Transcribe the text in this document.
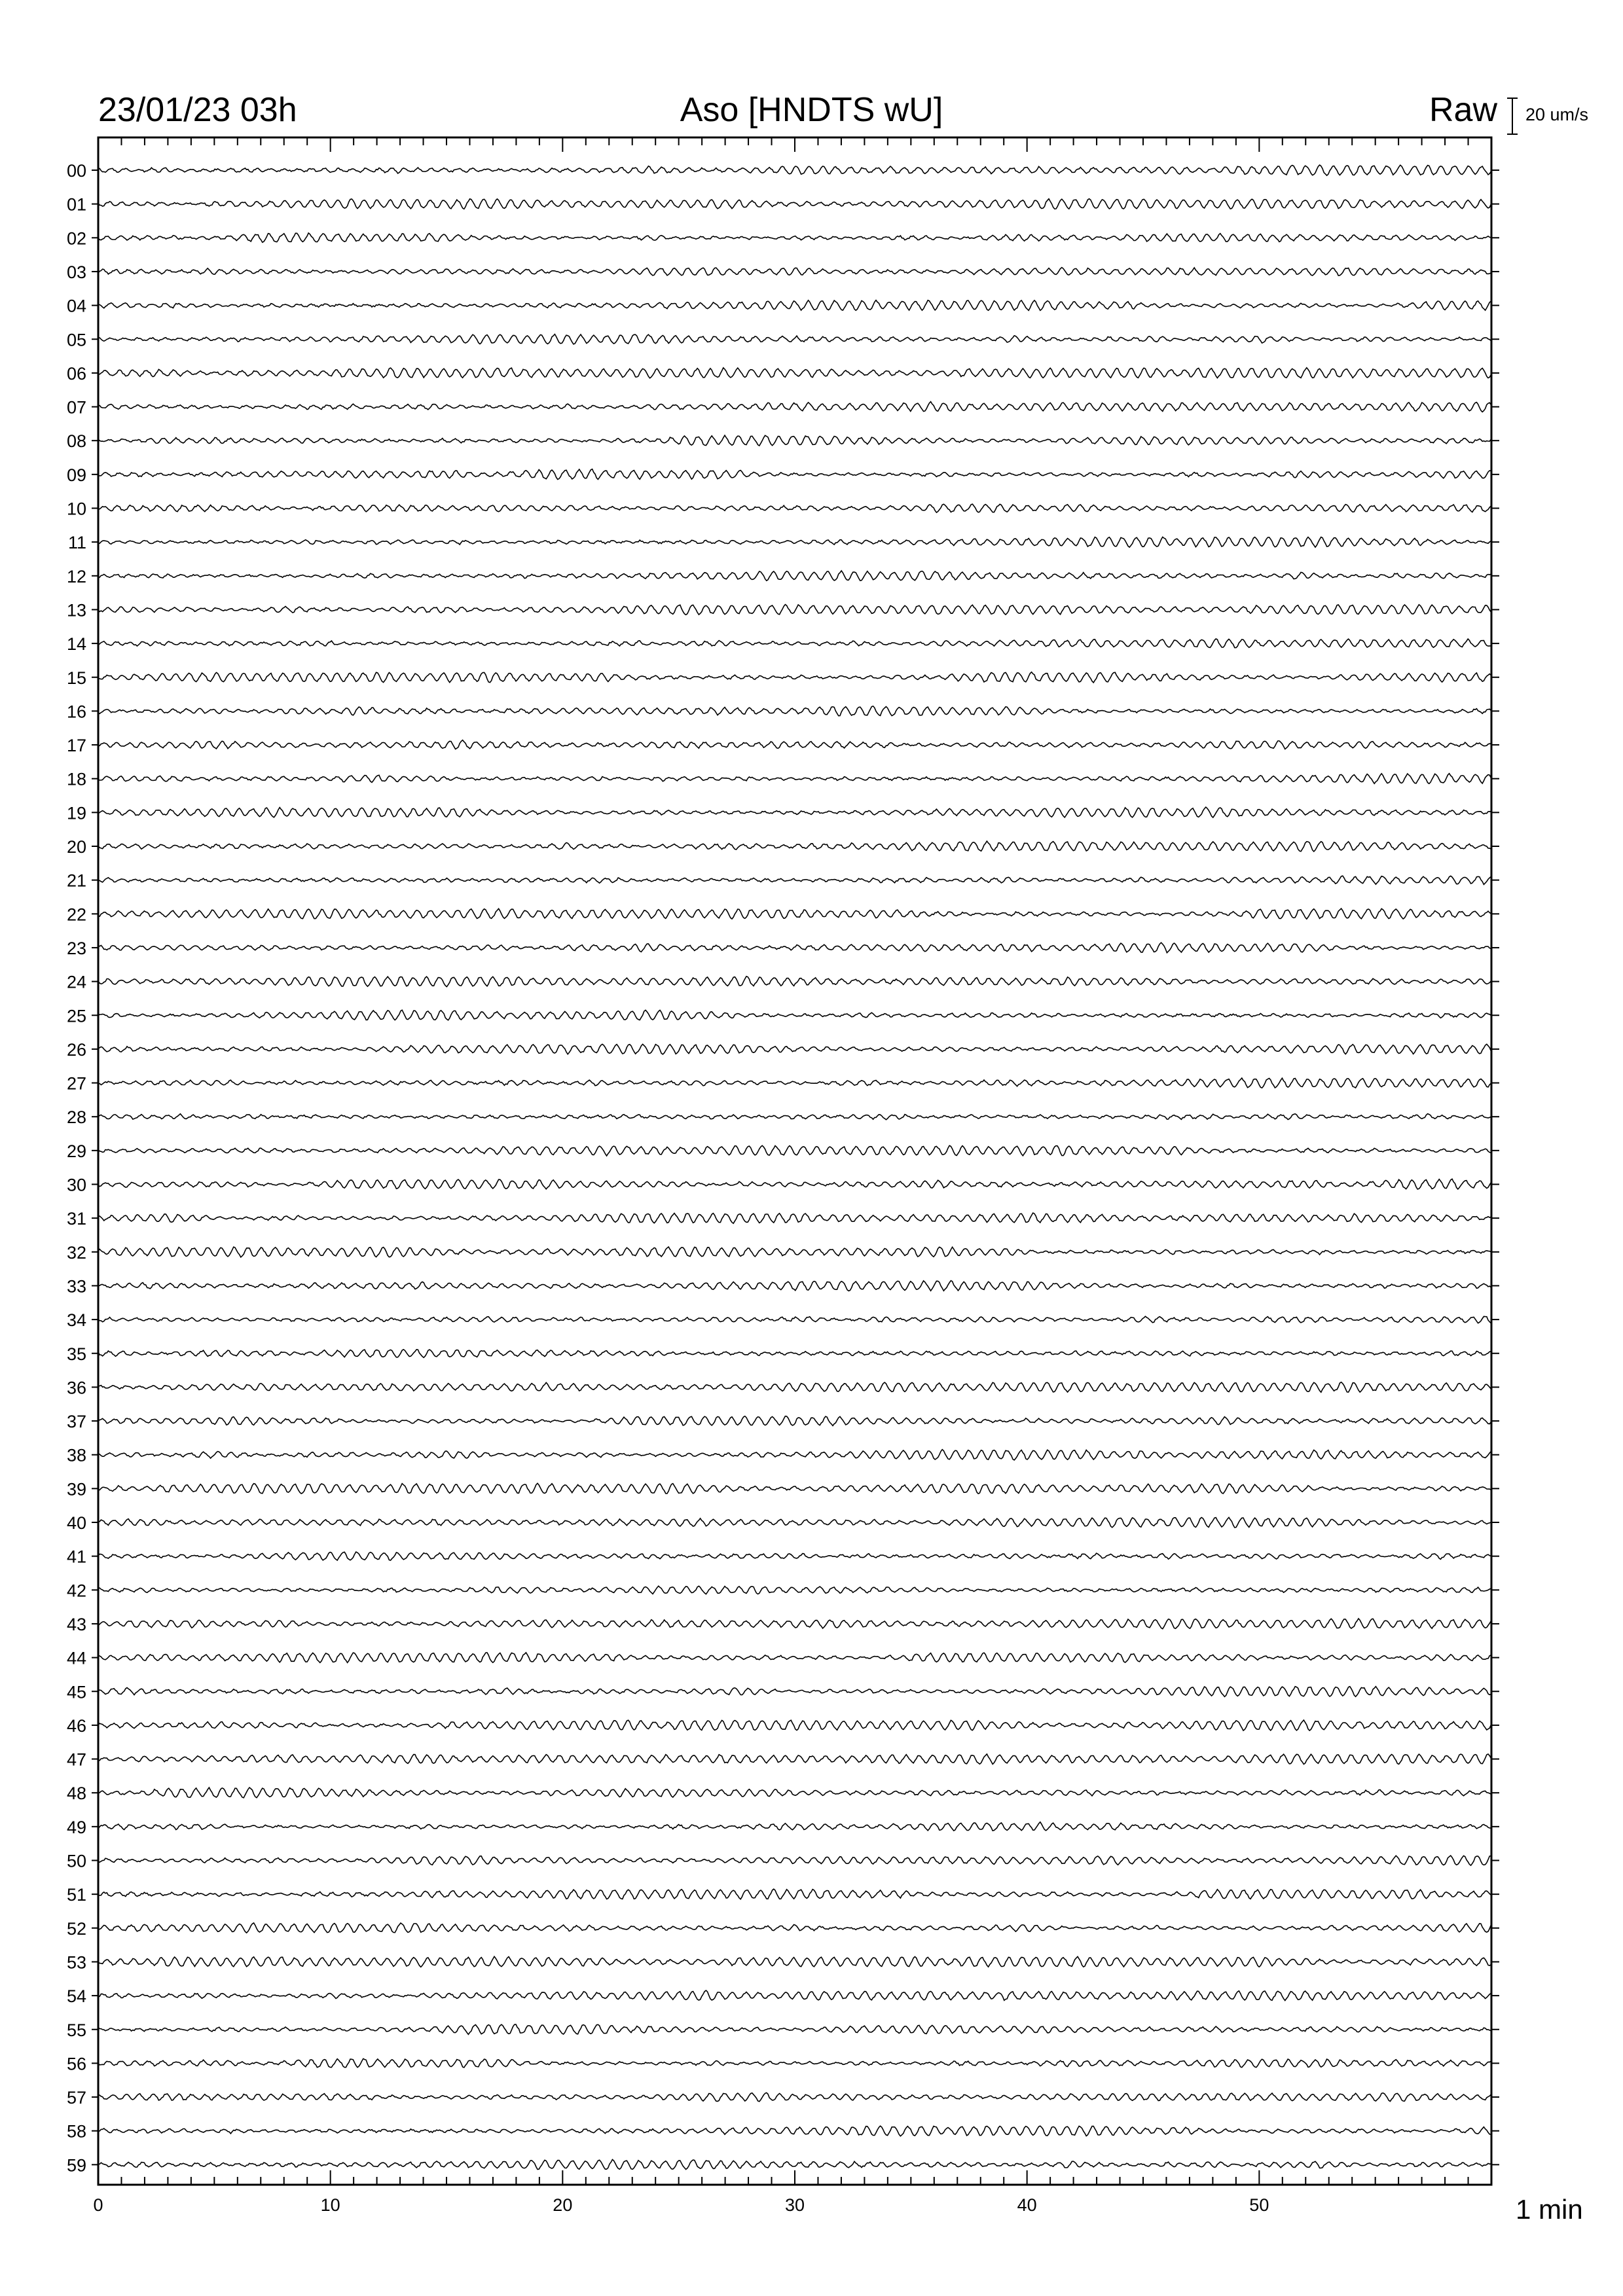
23/01/23 03h	Aso [HNDTS wU]	Raw 20 um/s
1 min
0	10	20	30	40	50
00
01
02
03
04
05
06
07
08
09
10
11
12
13
14
15
16
17
18
19
20
21
22
23
24
25
26
27
28
29
30
31
32
33
34
35
36
37
38
39
40
41
42
43
44
45
46
47
48
49
50
51
52
53
54
55
56
57
58
59
